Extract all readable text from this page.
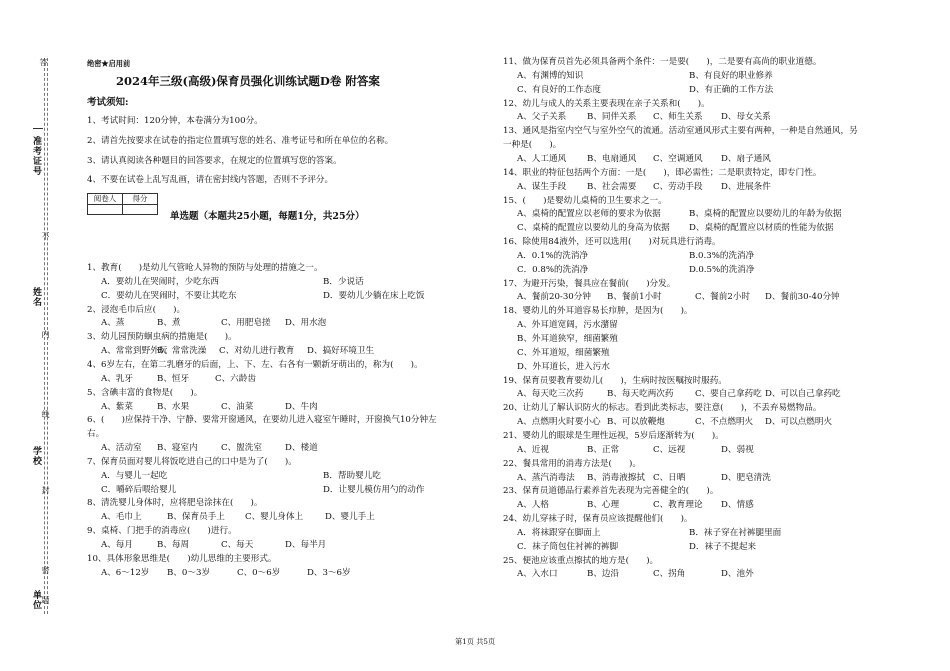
答
不
内
线
封
密
题
准考证号
姓名
学校
单位
绝密★启用前
2024年三级(高级)保育员强化训练试题D卷 附答案
考试须知:
1、考试时间：120分钟，本卷满分为100分。
2、请首先按要求在试卷的指定位置填写您的姓名、准考证号和所在单位的名称。
3、请认真阅读各种题目的回答要求，在规定的位置填写您的答案。
4、不要在试卷上乱写乱画，请在密封线内答题，否则不予评分。
阅卷人	得分
单选题（本题共25小题，每题1分，共25分）
1、教育(　　)是幼儿气管呛人异物的预防与处理的措施之一。
A．要幼儿在哭闹时，少吃东西	B．少说话
C．要幼儿在哭闹时，不要让其吃东	D．要幼儿少躺在床上吃饭
2、浸泡毛巾后应(　　)。
A、蒸	B、煮	C、用肥皂搓 D、用水泡
3、幼儿园预防蛔虫病的措施是(　　)。
A、常常到野外玩
B、常常洗澡 C、对幼儿进行教育 D、搞好环境卫生
4、6岁左右，在第二乳磨牙的后面，上、下、左、右各有一颗新牙萌出的，称为(　　)。
A、乳牙	B、恒牙	C、六龄齿
5、含碘丰富的食物是(　　)。
A、紫菜	B、水果	C、油菜	D、牛肉
6、(　　)应保持干净、宁静、要常开窗通风，在要幼儿进入寝室午睡时，开窗换气10分钟左
右。
A、活动室 B、寝室内	C、盥洗室	D、楼道
7、保育员面对婴儿将饭吃进自己的口中是为了(　　)。
A．与婴儿一起吃	B．帮助婴儿吃
C．嚼碎后喂给婴儿	D．让婴儿模仿用勺的动作
8、清洗婴儿身体时，应将肥皂涂抹在(　　)。
A、毛巾上	B、保育员手上 C、婴儿身体上	D、婴儿手上
9、桌椅、门把手的消毒应(　　)进行。
A、每月	B、每周	C、每天	D、每半月
10、具体形象思维是(　　)幼儿思维的主要形式。
A、6～12岁 B、0～3岁	C、0～6岁	D、3～6岁
11、做为保育员首先必须具备两个条件：一是要(　　)，二是要有高尚的职业道德。
A、有渊博的知识	B、有良好的职业修养
C、有良好的工作态度	D、有正确的工作方法
12、幼儿与成人的关系主要表现在亲子关系和(　　)。
A、父子关系 B、同伴关系 C、师生关系 D、母女关系
13、通风是指室内空气与室外空气的流通。活动室通风形式主要有两种，一种是自然通风，另
一种是(　　)。
A、人工通风 B、电扇通风 C、空调通风 D、扇子通风
14、职业的特征包括两个方面：一是(　　)，即必需性；二是职责特定，即专门性。
A、谋生手段 B、社会需要 C、劳动手段 D、进展条件
15、(　　)是婴幼儿桌椅的卫生要求之一。
A、桌椅的配置应以老师的要求为依据	B、桌椅的配置应以要幼儿的年龄为依据
C、桌椅的配置应以要幼儿的身高为依据 D、桌椅的配置应以材质的性能为依据
16、除使用84液外，还可以选用(　　)对玩具进行消毒。
A．0.1%的洗消净	B.0.3%的洗消净
C．0.8%的洗消净	D.0.5%的洗消净
17、为避开污染，餐具应在餐前(　　)分发。
A、餐前20-30分钟 B、餐前1小时	C、餐前2小时 D、餐前30-40分钟
18、婴幼儿的外耳道容易长疖肿，是因为(　　)。
A、外耳道宽阔，污水潴留
B、外耳道狭窄，细菌繁殖
C、外耳道短，细菌繁殖
D、外耳道长，进入污水
19、保育员要教育要幼儿(　　)，生病时按医嘱按时服药。
A、每天吃三次药	B、每天吃两次药	C、要自己拿药吃 D、可以自己拿药吃
20、让幼儿了解认识防火的标志。看到此类标志，要注意(　　)，不丢弃易燃物品。
A、点燃明火时要小心 B、可以放鞭炮	C、不点燃明火 D、可以点燃明火
21、婴幼儿的眼球是生理性远视，5岁后逐渐转为(　　)。
A、近视	B、正常	C、远视	D、弱视
22、餐具常用的消毒方法是(　　)。
A、蒸汽消毒法 B、消毒液擦拭 C、日晒	D、肥皂清洗
23、保育员道德品行素养首先表现为完善健全的(　　)。
A、人格	B、心理	C、教育理论 D、情感
24、幼儿穿袜子时，保育员应该提醒他们(　　)。
A．将袜跟穿在脚面上	B．袜子穿在衬裤腿里面
C．袜子筒包住衬裤的裤脚	D．袜子不提起来
25、便池应该重点擦拭的地方是(　　)。
A、入水口	B、边沿	C、拐角	D、池外
第1页 共5页
